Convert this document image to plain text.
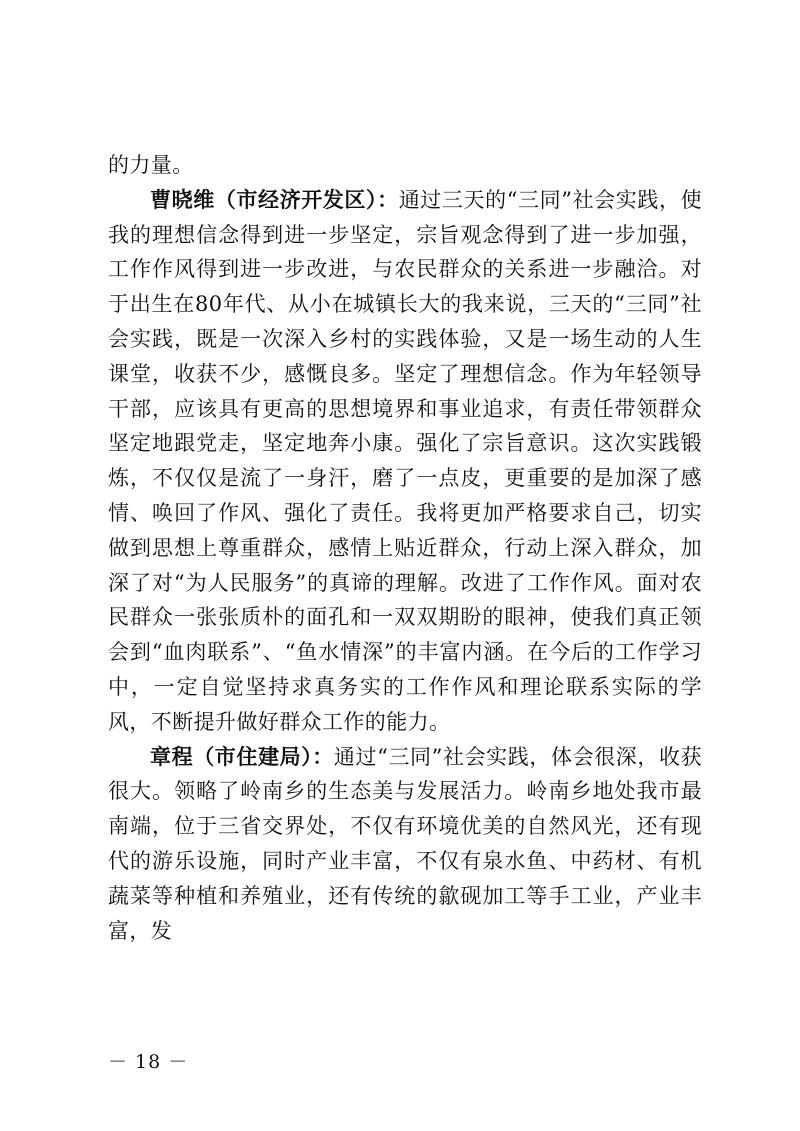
的力量。

曹晓维（市经济开发区）：通过三天的“三同”社会实践，使我的理想信念得到进一步坚定，宗旨观念得到了进一步加强，工作作风得到进一步改进，与农民群众的关系进一步融洽。对于出生在80年代、从小在城镇长大的我来说，三天的“三同”社会实践，既是一次深入乡村的实践体验，又是一场生动的人生课堂，收获不少，感慨良多。坚定了理想信念。作为年轻领导干部，应该具有更高的思想境界和事业追求，有责任带领群众坚定地跟党走，坚定地奔小康。强化了宗旨意识。这次实践锻炼，不仅仅是流了一身汗，磨了一点皮，更重要的是加深了感情、唤回了作风、强化了责任。我将更加严格要求自己，切实做到思想上尊重群众，感情上贴近群众，行动上深入群众，加深了对“为人民服务”的真谛的理解。改进了工作作风。面对农民群众一张张质朴的面孔和一双双期盼的眼神，使我们真正领会到“血肉联系”、“鱼水情深”的丰富内涵。在今后的工作学习中，一定自觉坚持求真务实的工作作风和理论联系实际的学风，不断提升做好群众工作的能力。

章程（市住建局）：通过“三同”社会实践，体会很深，收获很大。领略了岭南乡的生态美与发展活力。岭南乡地处我市最南端，位于三省交界处，不仅有环境优美的自然风光，还有现代的游乐设施，同时产业丰富，不仅有泉水鱼、中药材、有机蔬菜等种植和养殖业，还有传统的歙砚加工等手工业，产业丰富，发

－ 18 －
